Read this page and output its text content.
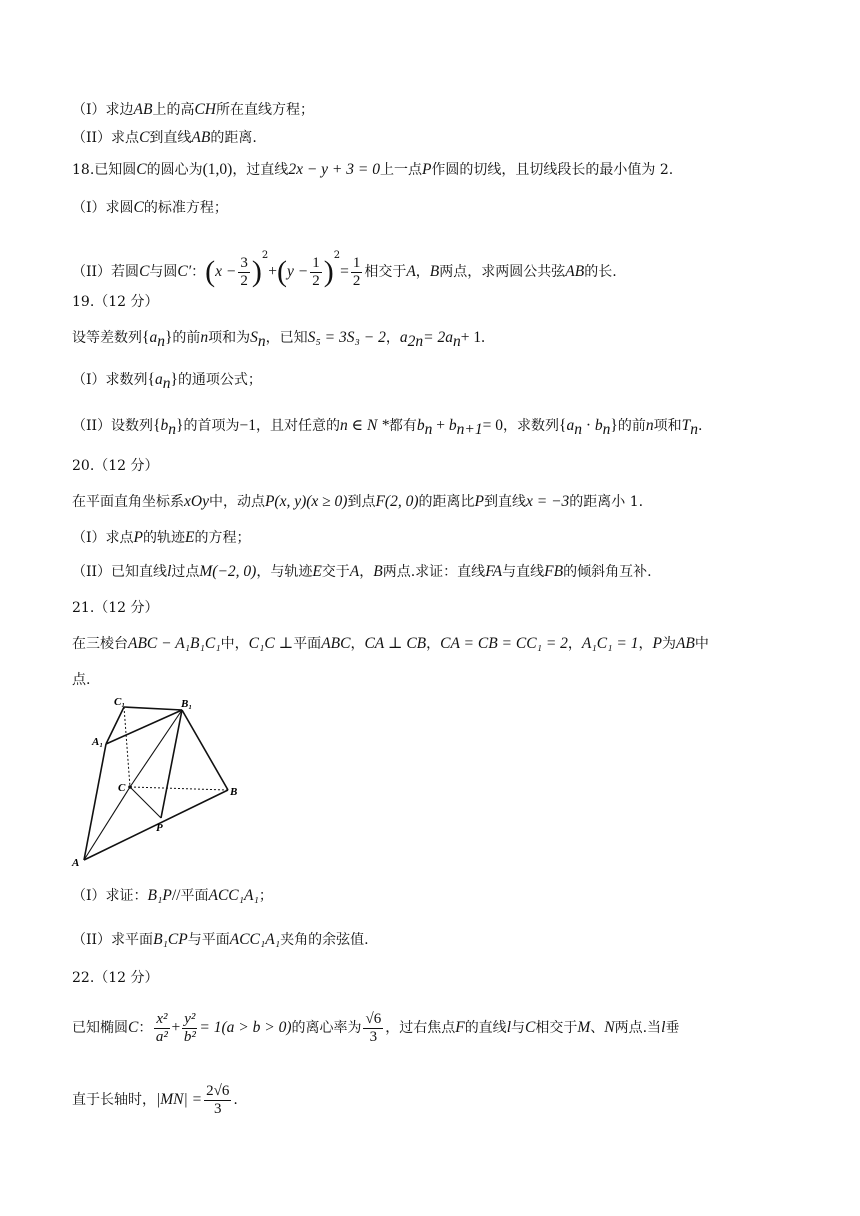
（I）求边AB上的高CH所在直线方程；
（II）求点C到直线AB的距离.
18.已知圆C的圆心为(1,0)，过直线2x − y + 3 = 0上一点P作圆的切线，且切线段长的最小值为 2.
（I）求圆C的标准方程；
（II）若圆C与圆C′：$(x - \frac{3}{2} )^2+(y - \frac{1}{2} )^2= \frac{1}{2}$ 相交于A，B两点，求两圆公共弦AB的长.
19.（12 分）
设等差数列$\{a_n\}$的前n项和为$S_n$，已知S₅ = 3S₃ − 2，$a_{2n}= 2a_n+ 1$.
（I）求数列$\{a_n\}$的通项公式；
（II）设数列$\{b_n\}$的首项为−1，且对任意的n ∈ N *都有$b_n + b_{n+1}= 0$，求数列$\{a_n \cdot b_n\}$的前n项和$T_n$.
20.（12 分）
在平面直角坐标系xOy中，动点P(x, y)(x ≥ 0)到点F(2, 0)的距离比P到直线x = −3的距离小 1.
（I）求点P的轨迹E的方程；
（II）已知直线l过点M(−2, 0)，与轨迹E交于A，B两点.求证：直线FA与直线FB的倾斜角互补.
21.（12 分）
在三棱台ABC − A₁B₁C₁中，C₁C ⊥平面ABC，CA ⊥ CB，CA = CB = CC₁ = 2，A₁C₁ = 1，P为AB中
点.
C₁	B₁
A₁
C	B
P
A
（I）求证：B₁P//平面ACC₁A₁；
（II）求平面B₁CP与平面ACC₁A₁夹角的余弦值.
22.（12 分）
已知椭圆C： $\frac{\text{x²}}{\text{a²}} + \frac{\text{y²}}{\text{b²}} = 1(a > b > 0)$的离心率为 $\frac{√6}{3}$ ，过右焦点F的直线l与C相交于M、N两点.当l垂
直于长轴时，$|MN| = \frac{2√6}{3}$ .
